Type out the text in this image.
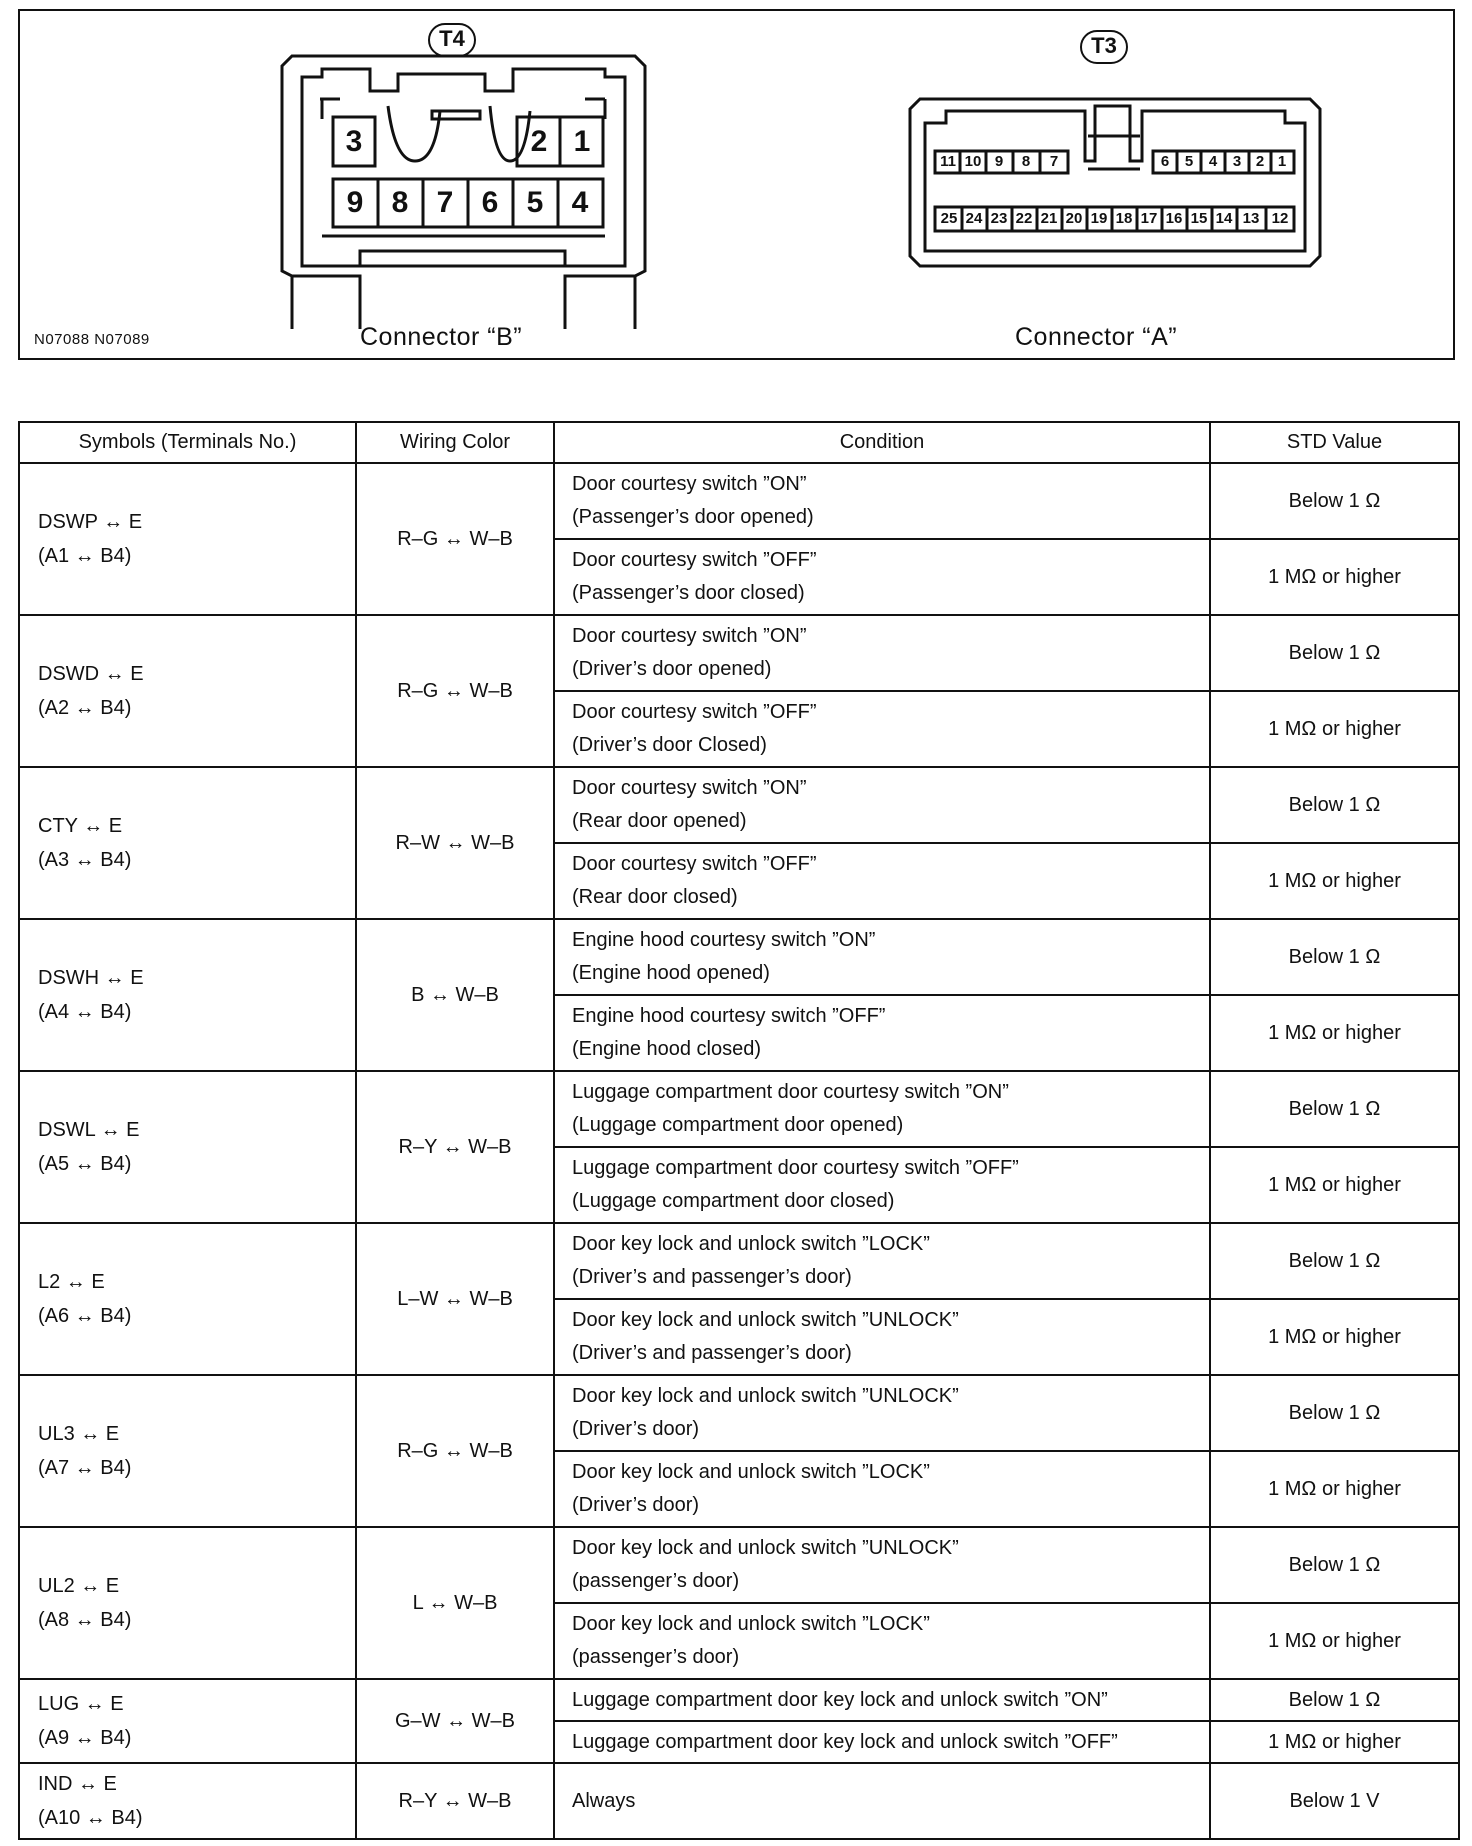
T4	T3
3	2 1
9 8 7 6 5 4
11 10 9	8	7	6	5	4	3 2 1
25 24 23 22 21 20 19 18 17 16 15 14 13 12
Connector “B”	Connector “A”
N07088 N07089
Symbols (Terminals No.)	Wiring Color	Condition	STD Value

DSWP ↔ E
(A1 ↔ B4)	R–G ↔ W–B	Door courtesy switch ”ON”
(Passenger’s door opened)	Below 1 Ω

		Door courtesy switch ”OFF”
(Passenger’s door closed)	1 MΩ or higher

DSWD ↔ E
(A2 ↔ B4)	R–G ↔ W–B	Door courtesy switch ”ON”
(Driver’s door opened)	Below 1 Ω

		Door courtesy switch ”OFF”
(Driver’s door Closed)	1 MΩ or higher

CTY ↔ E
(A3 ↔ B4)	R–W ↔ W–B	Door courtesy switch ”ON”
(Rear door opened)	Below 1 Ω

		Door courtesy switch ”OFF”
(Rear door closed)	1 MΩ or higher

DSWH ↔ E
(A4 ↔ B4)	B ↔ W–B	Engine hood courtesy switch ”ON”
(Engine hood opened)	Below 1 Ω

		Engine hood courtesy switch ”OFF”
(Engine hood closed)	1 MΩ or higher

DSWL ↔ E
(A5 ↔ B4)	R–Y ↔ W–B	Luggage compartment door courtesy switch ”ON”
(Luggage compartment door opened)	Below 1 Ω

		Luggage compartment door courtesy switch ”OFF”
(Luggage compartment door closed)	1 MΩ or higher

L2 ↔ E
(A6 ↔ B4)	L–W ↔ W–B	Door key lock and unlock switch ”LOCK”
(Driver’s and passenger’s door)	Below 1 Ω

		Door key lock and unlock switch ”UNLOCK”
(Driver’s and passenger’s door)	1 MΩ or higher

UL3 ↔ E
(A7 ↔ B4)	R–G ↔ W–B	Door key lock and unlock switch ”UNLOCK”
(Driver’s door)	Below 1 Ω

		Door key lock and unlock switch ”LOCK”
(Driver’s door)	1 MΩ or higher

UL2 ↔ E
(A8 ↔ B4)	L ↔ W–B	Door key lock and unlock switch ”UNLOCK”
(passenger’s door)	Below 1 Ω

		Door key lock and unlock switch ”LOCK”
(passenger’s door)	1 MΩ or higher

LUG ↔ E
(A9 ↔ B4)	G–W ↔ W–B	Luggage compartment door key lock and unlock switch ”ON”	Below 1 Ω
		Luggage compartment door key lock and unlock switch ”OFF”	1 MΩ or higher

IND ↔ E
(A10 ↔ B4)	R–Y ↔ W–B	Always	Below 1 V
